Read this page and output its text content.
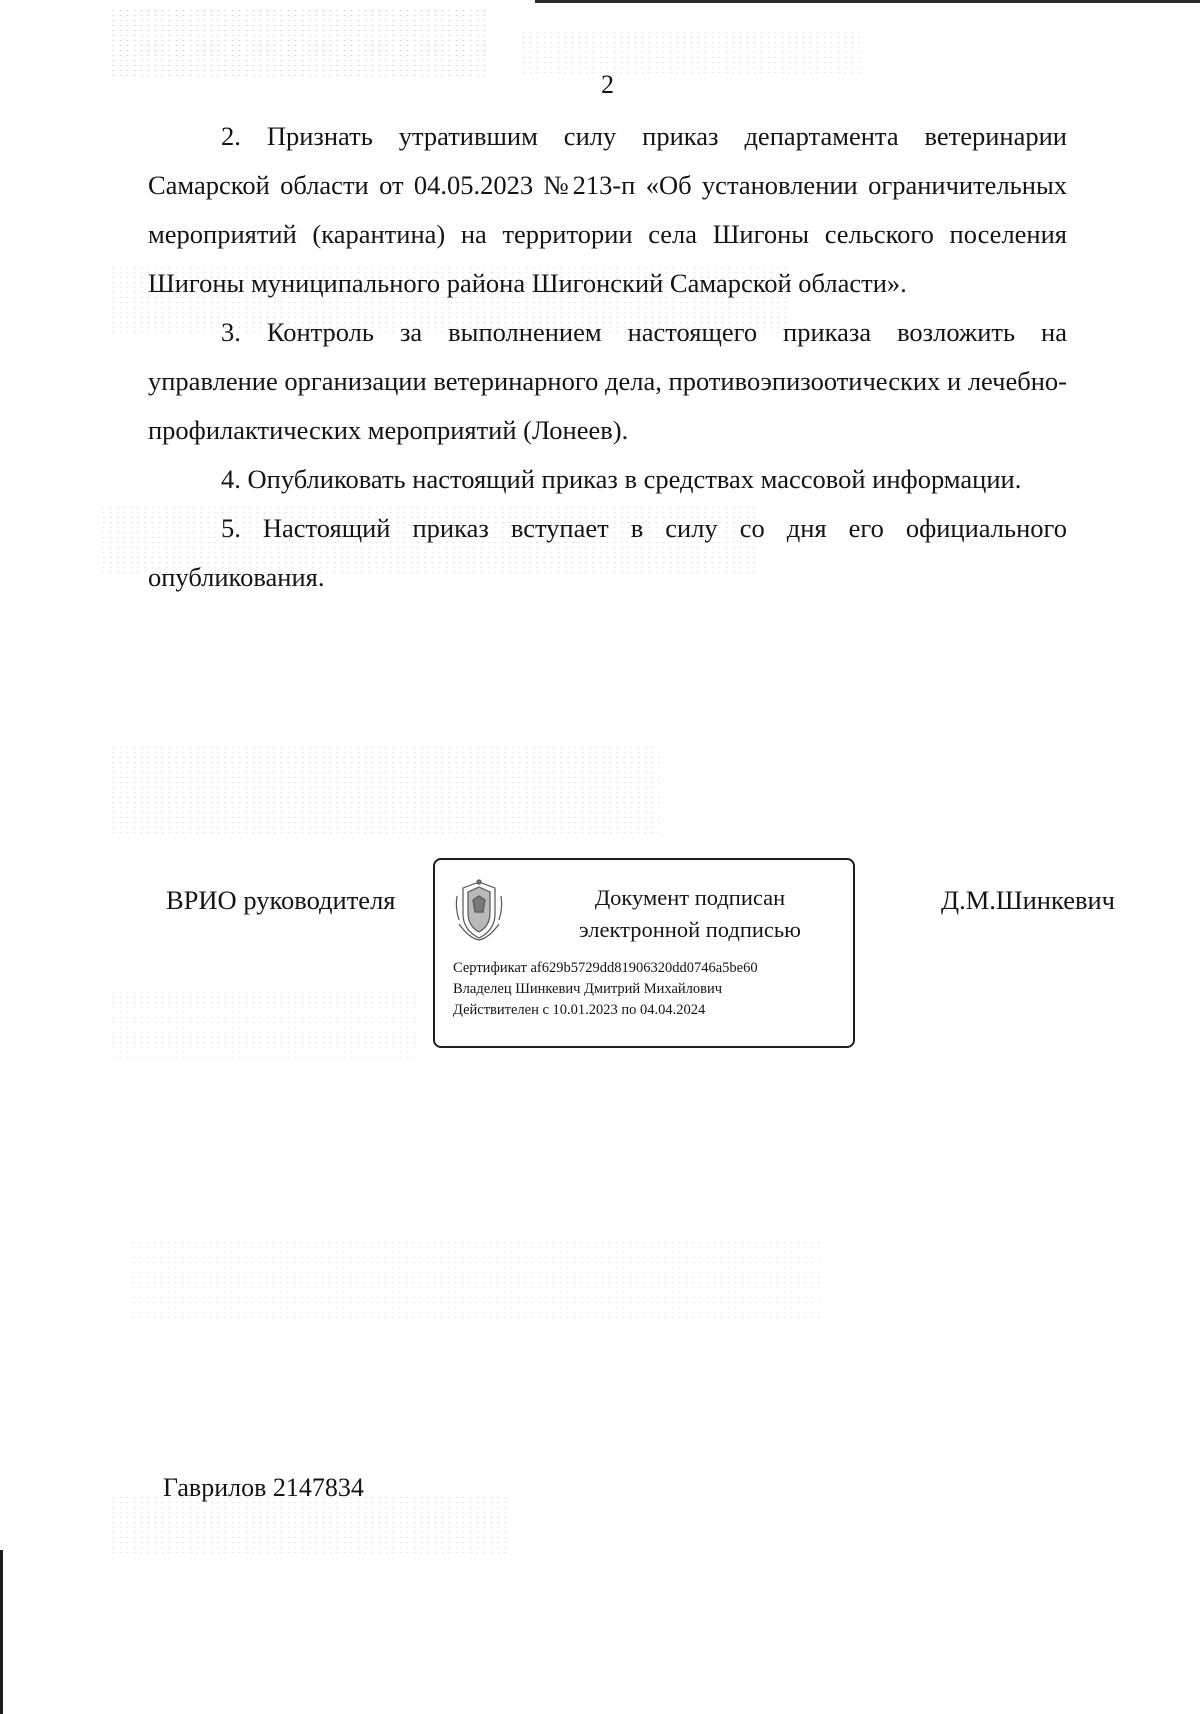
2

2. Признать утратившим силу приказ департамента ветеринарии Самарской области от 04.05.2023 №213-п «Об установлении ограничительных мероприятий (карантина) на территории села Шигоны сельского поселения Шигоны муниципального района Шигонский Самарской области».

3. Контроль за выполнением настоящего приказа возложить на управление организации ветеринарного дела, противоэпизоотических и лечебно-профилактических мероприятий (Лонеев).

4. Опубликовать настоящий приказ в средствах массовой информации.

5. Настоящий приказ вступает в силу со дня его официального опубликования.

ВРИО руководителя	Документ подписан
электронной подписью
Сертификат af629b5729dd81906320dd0746a5be60
Владелец Шинкевич Дмитрий Михайлович
Действителен с 10.01.2023 по 04.04.2024
Д.М.Шинкевич
Гаврилов 2147834
